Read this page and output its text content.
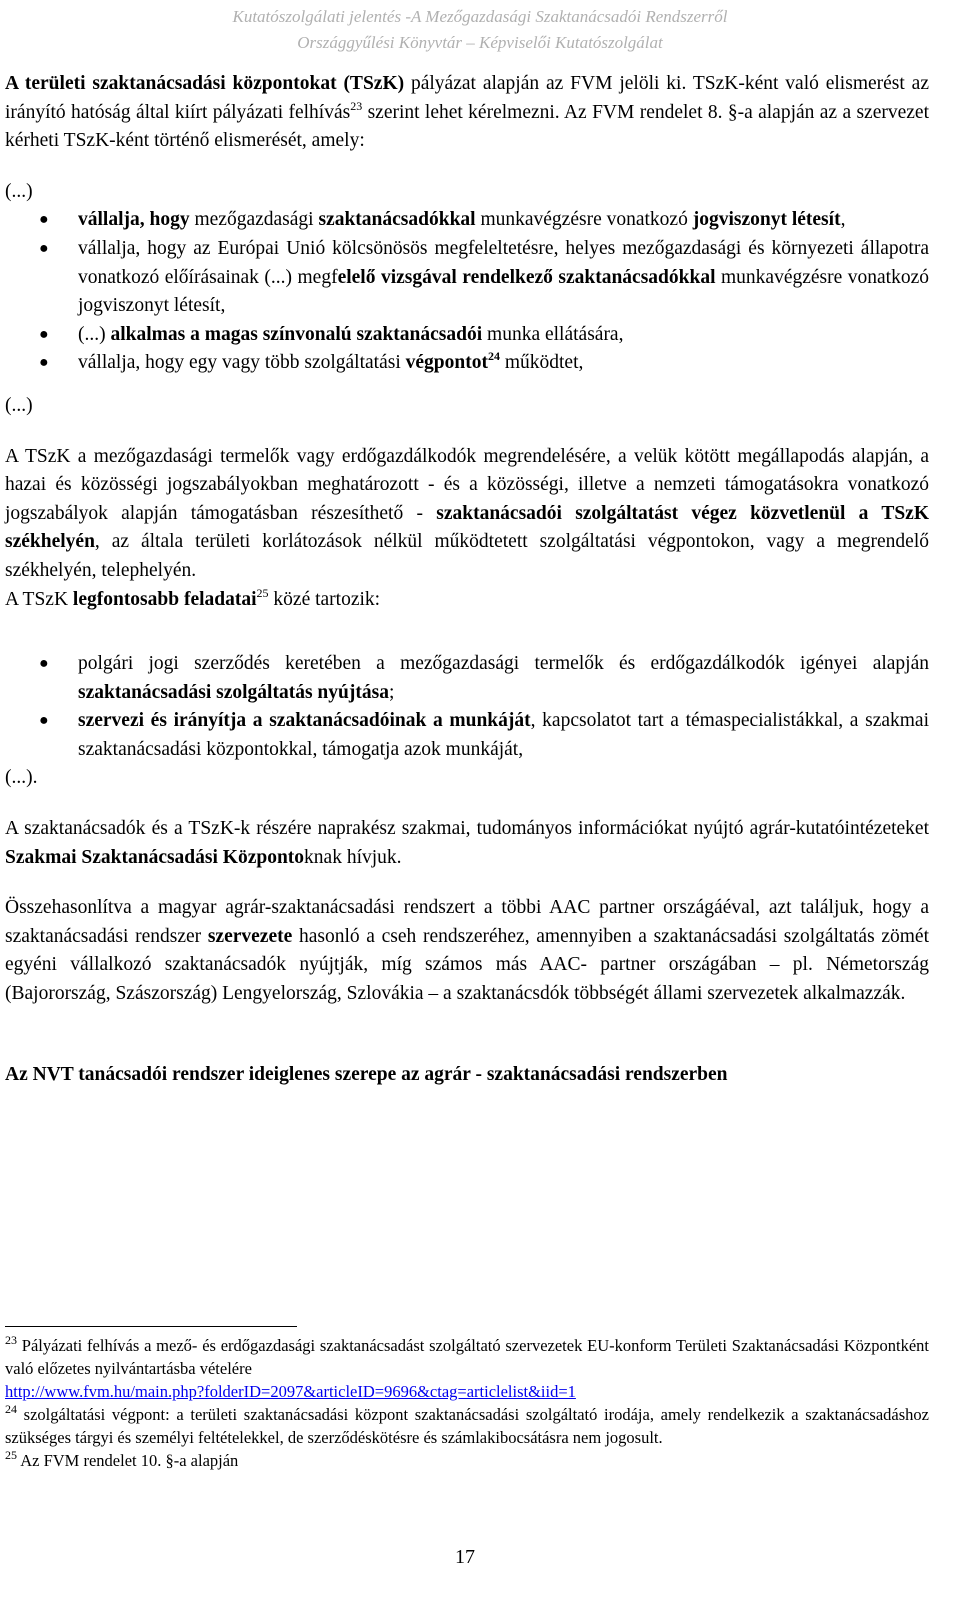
Kutatószolgálati jelentés -A Mezőgazdasági Szaktanácsadói Rendszerről
Országgyűlési Könyvtár – Képviselői Kutatószolgálat

A területi szaktanácsadási központokat (TSzK) pályázat alapján az FVM jelöli ki. TSzK-ként való elismerést az irányító hatóság által kiírt pályázati felhívás$^{23}$ szerint lehet kérelmezni. Az FVM rendelet 8. §-a alapján az a szervezet kérheti TSzK-ként történő elismerését, amely:

(...)
● vállalja, hogy mezőgazdasági szaktanácsadókkal munkavégzésre vonatkozó jogviszonyt létesít,
● vállalja, hogy az Európai Unió kölcsönösös megfeleltetésre, helyes mezőgazdasági és környezeti állapotra vonatkozó előírásainak (...) megfelelő vizsgával rendelkező szaktanácsadókkal munkavégzésre vonatkozó jogviszonyt létesít,
● (...) alkalmas a magas színvonalú szaktanácsadói munka ellátására,
● vállalja, hogy egy vagy több szolgáltatási végpontot$^{24}$ működtet,
(...)

A TSzK a mezőgazdasági termelők vagy erdőgazdálkodók megrendelésére, a velük kötött megállapodás alapján, a hazai és közösségi jogszabályokban meghatározott - és a közösségi, illetve a nemzeti támogatásokra vonatkozó jogszabályok alapján támogatásban részesíthető - szaktanácsadói szolgáltatást végez közvetlenül a TSzK székhelyén, az általa területi korlátozások nélkül működtetett szolgáltatási végpontokon, vagy a megrendelő székhelyén, telephelyén.

A TSzK legfontosabb feladatai$^{25}$ közé tartozik:

● polgári jogi szerződés keretében a mezőgazdasági termelők és erdőgazdálkodók igényei alapján szaktanácsadási szolgáltatás nyújtása;
● szervezi és irányítja a szaktanácsadóinak a munkáját, kapcsolatot tart a témaspecialistákkal, a szakmai szaktanácsadási központokkal, támogatja azok munkáját,
(...).

A szaktanácsadók és a TSzK-k részére naprakész szakmai, tudományos információkat nyújtó agrár-kutatóintézeteket Szakmai Szaktanácsadási Központoknak hívjuk.

Összehasonlítva a magyar agrár-szaktanácsadási rendszert a többi AAC partner országáéval, azt találjuk, hogy a szaktanácsadási rendszer szervezete hasonló a cseh rendszeréhez, amennyiben a szaktanácsadási szolgáltatás zömét egyéni vállalkozó szaktanácsadók nyújtják, míg számos más AAC- partner országában – pl. Németország (Bajorország, Szászország) Lengyelország, Szlovákia – a szaktanácsdók többségét állami szervezetek alkalmazzák.

Az NVT tanácsadói rendszer ideiglenes szerepe az agrár - szaktanácsadási rendszerben

$^{23}$ Pályázati felhívás a mező- és erdőgazdasági szaktanácsadást szolgáltató szervezetek EU-konform Területi Szaktanácsadási Központként való előzetes nyilvántartásba vételére
http://www.fvm.hu/main.php?folderID=2097&articleID=9696&ctag=articlelist&iid=1

$^{24}$ szolgáltatási végpont: a területi szaktanácsadási központ szaktanácsadási szolgáltató irodája, amely rendelkezik a szaktanácsadáshoz szükséges tárgyi és személyi feltételekkel, de szerződéskötésre és számlakibocsátásra nem jogosult.

$^{25}$ Az FVM rendelet 10. §-a alapján

17
